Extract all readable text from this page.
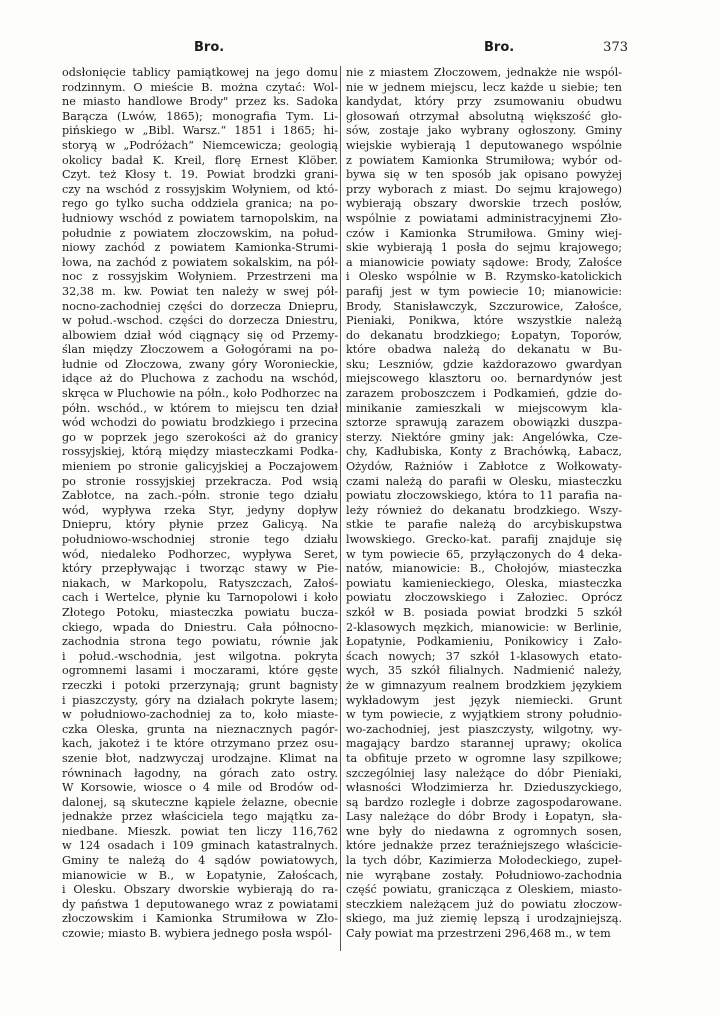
Bro.	Bro.	373
odsłonięcie tablicy pamiątkowej na jego domu
rodzinnym. O mieście B. można czytać: Wol-
ne miasto handlowe Brody" przez ks. Sadoka
Barącza (Lwów, 1865); monografia Tym. Li-
pińskiego w „Bibl. Warsz.“ 1851 i 1865; hi-
storyą w „Podróżach“ Niemcewicza; geologią
okolicy badał K. Kreil, florę Ernest Klöber.
Czyt. też Kłosy t. 19. Powiat brodzki grani-
czy na wschód z rossyjskim Wołyniem, od któ-
rego go tylko sucha oddziela granica; na po-
łudniowy wschód z powiatem tarnopolskim, na
południe z powiatem złoczowskim, na połud-
niowy zachód z powiatem Kamionka-Strumi-
łowa, na zachód z powiatem sokalskim, na pół-
noc z rossyjskim Wołyniem. Przestrzeni ma
32,38 m. kw. Powiat ten należy w swej pół-
nocno-zachodniej części do dorzecza Dniepru,
w połud.-wschod. części do dorzecza Dniestru,
albowiem dział wód ciągnący się od Przemy-
ślan między Złoczowem a Gołogórami na po-
łudnie od Złoczowa, zwany góry Woronieckie,
idące aż do Pluchowa z zachodu na wschód,
skręca w Pluchowie na półn., koło Podhorzec na
półn. wschód., w którem to miejscu ten dział
wód wchodzi do powiatu brodzkiego i przecina
go w poprzek jego szerokości aż do granicy
rossyjskiej, którą między miasteczkami Podka-
mieniem po stronie galicyjskiej a Poczajowem
po stronie rossyjskiej przekracza. Pod wsią
Zabłotce, na zach.-półn. stronie tego działu
wód, wypływa rzeka Styr, jedyny dopływ
Dniepru, który płynie przez Galicyą. Na
południowo-wschodniej stronie tego działu
wód, niedaleko Podhorzec, wypływa Seret,
który przepływając i tworząc stawy w Pie-
niakach, w Markopolu, Ratyszczach, Załoś-
cach i Wertelce, płynie ku Tarnopolowi i koło
Złotego Potoku, miasteczka powiatu bucza-
ckiego, wpada do Dniestru. Cała północno-
zachodnia strona tego powiatu, równie jak
i połud.-wschodnia, jest wilgotna. pokryta
ogromnemi lasami i moczarami, które gęste
rzeczki i potoki przerzynają; grunt bagnisty
i piaszczysty, góry na działach pokryte lasem;
w południowo-zachodniej za to, koło miaste-
czka Oleska, grunta na nieznacznych pagór-
kach, jakoteż i te które otrzymano przez osu-
szenie błot, nadzwyczaj urodzajne. Klimat na
równinach łagodny, na górach zato ostry.
W Korsowie, wiosce o 4 mile od Brodów od-
dalonej, są skuteczne kąpiele żelazne, obecnie
jednakże przez właściciela tego majątku za-
niedbane. Mieszk. powiat ten liczy 116,762
w 124 osadach i 109 gminach katastralnych.
Gminy te należą do 4 sądów powiatowych,
mianowicie w B., w Łopatynie, Załoścach,
i Olesku. Obszary dworskie wybierają do ra-
dy państwa 1 deputowanego wraz z powiatami
złoczowskim i Kamionka Strumiłowa w Zło-
czowie; miasto B. wybiera jednego posła wspól-
nie z miastem Złoczowem, jednakże nie wspól-
nie w jednem miejscu, lecz każde u siebie; ten
kandydat, który przy zsumowaniu obudwu
głosowań otrzymał absolutną większość gło-
sów, zostaje jako wybrany ogłoszony. Gminy
wiejskie wybierają 1 deputowanego wspólnie
z powiatem Kamionka Strumiłowa; wybór od-
bywa się w ten sposób jak opisano powyżej
przy wyborach z miast. Do sejmu krajowego)
wybierają obszary dworskie trzech posłów,
wspólnie z powiatami administracyjnemi Zło-
czów i Kamionka Strumiłowa. Gminy wiej-
skie wybierają 1 posła do sejmu krajowego;
a mianowicie powiaty sądowe: Brody, Załośce
i Olesko wspólnie w B. Rzymsko-katolickich
parafij jest w tym powiecie 10; mianowicie:
Brody, Stanisławczyk, Szczurowice, Załośce,
Pieniaki, Ponikwa, które wszystkie należą
do dekanatu brodzkiego; Łopatyn, Toporów,
które obadwa należą do dekanatu w Bu-
sku; Leszniów, gdzie każdorazowo gwardyan
miejscowego klasztoru oo. bernardynów jest
zarazem proboszczem i Podkamień, gdzie do-
minikanie zamieszkali w miejscowym kla-
sztorze sprawują zarazem obowiązki duszpa-
sterzy. Niektóre gminy jak: Angelówka, Czе-
chy, Kadłubiska, Konty z Brachówką, Łabacz,
Ożydów, Rażniów i Zabłotce z Wołkowaty-
czami należą do parafii w Olesku, miasteczku
powiatu złoczowskiego, która to 11 parafia na-
leży również do dekanatu brodzkiego. Wszy-
stkie te parafie należą do arcybiskupstwa
lwowskiego. Grecko-kat. parafij znajduje się
w tym powiecie 65, przyłączonych do 4 deka-
natów, mianowicie: B., Chołojów, miasteczka
powiatu kamienieckiego, Oleska, miasteczka
powiatu złoczowskiego i Załoziec. Oprócz
szkół w B. posiada powiat brodzki 5 szkół
2-klasowych męzkich, mianowicie: w Berlinie,
Łopatynie, Podkamieniu, Ponikowicy i Zało-
ścach nowych; 37 szkół 1-klasowych etato-
wych, 35 szkół filialnych. Nadmienić należy,
że w gimnazyum realnem brodzkiem językiem
wykładowym jest język niemiecki. Grunt
w tym powiecie, z wyjątkiem strony południo-
wo-zachodniej, jest piaszczysty, wilgotny, wy-
magający bardzo starannej uprawy; okolica
ta obfituje przeto w ogromne lasy szpilkowe;
szczególniej lasy należące do dóbr Pieniaki,
własności Włodzimierza hr. Dzieduszyckiego,
są bardzo rozległe i dobrze zagospodarowane.
Lasy należące do dóbr Brody i Łopatyn, sła-
wne były do niedawna z ogromnych sosen,
które jednakże przez teraźniejszego właścicie-
la tych dóbr, Kazimierza Mołodeckiego, zupeł-
nie wyrąbane zostały. Południowo-zachodnia
część powiatu, granicząca z Oleskiem, miasto-
steczkiem należącem już do powiatu złoczow-
skiego, ma już ziemię lepszą i urodzajniejszą.
Cały powiat ma przestrzeni 296,468 m., w tem
